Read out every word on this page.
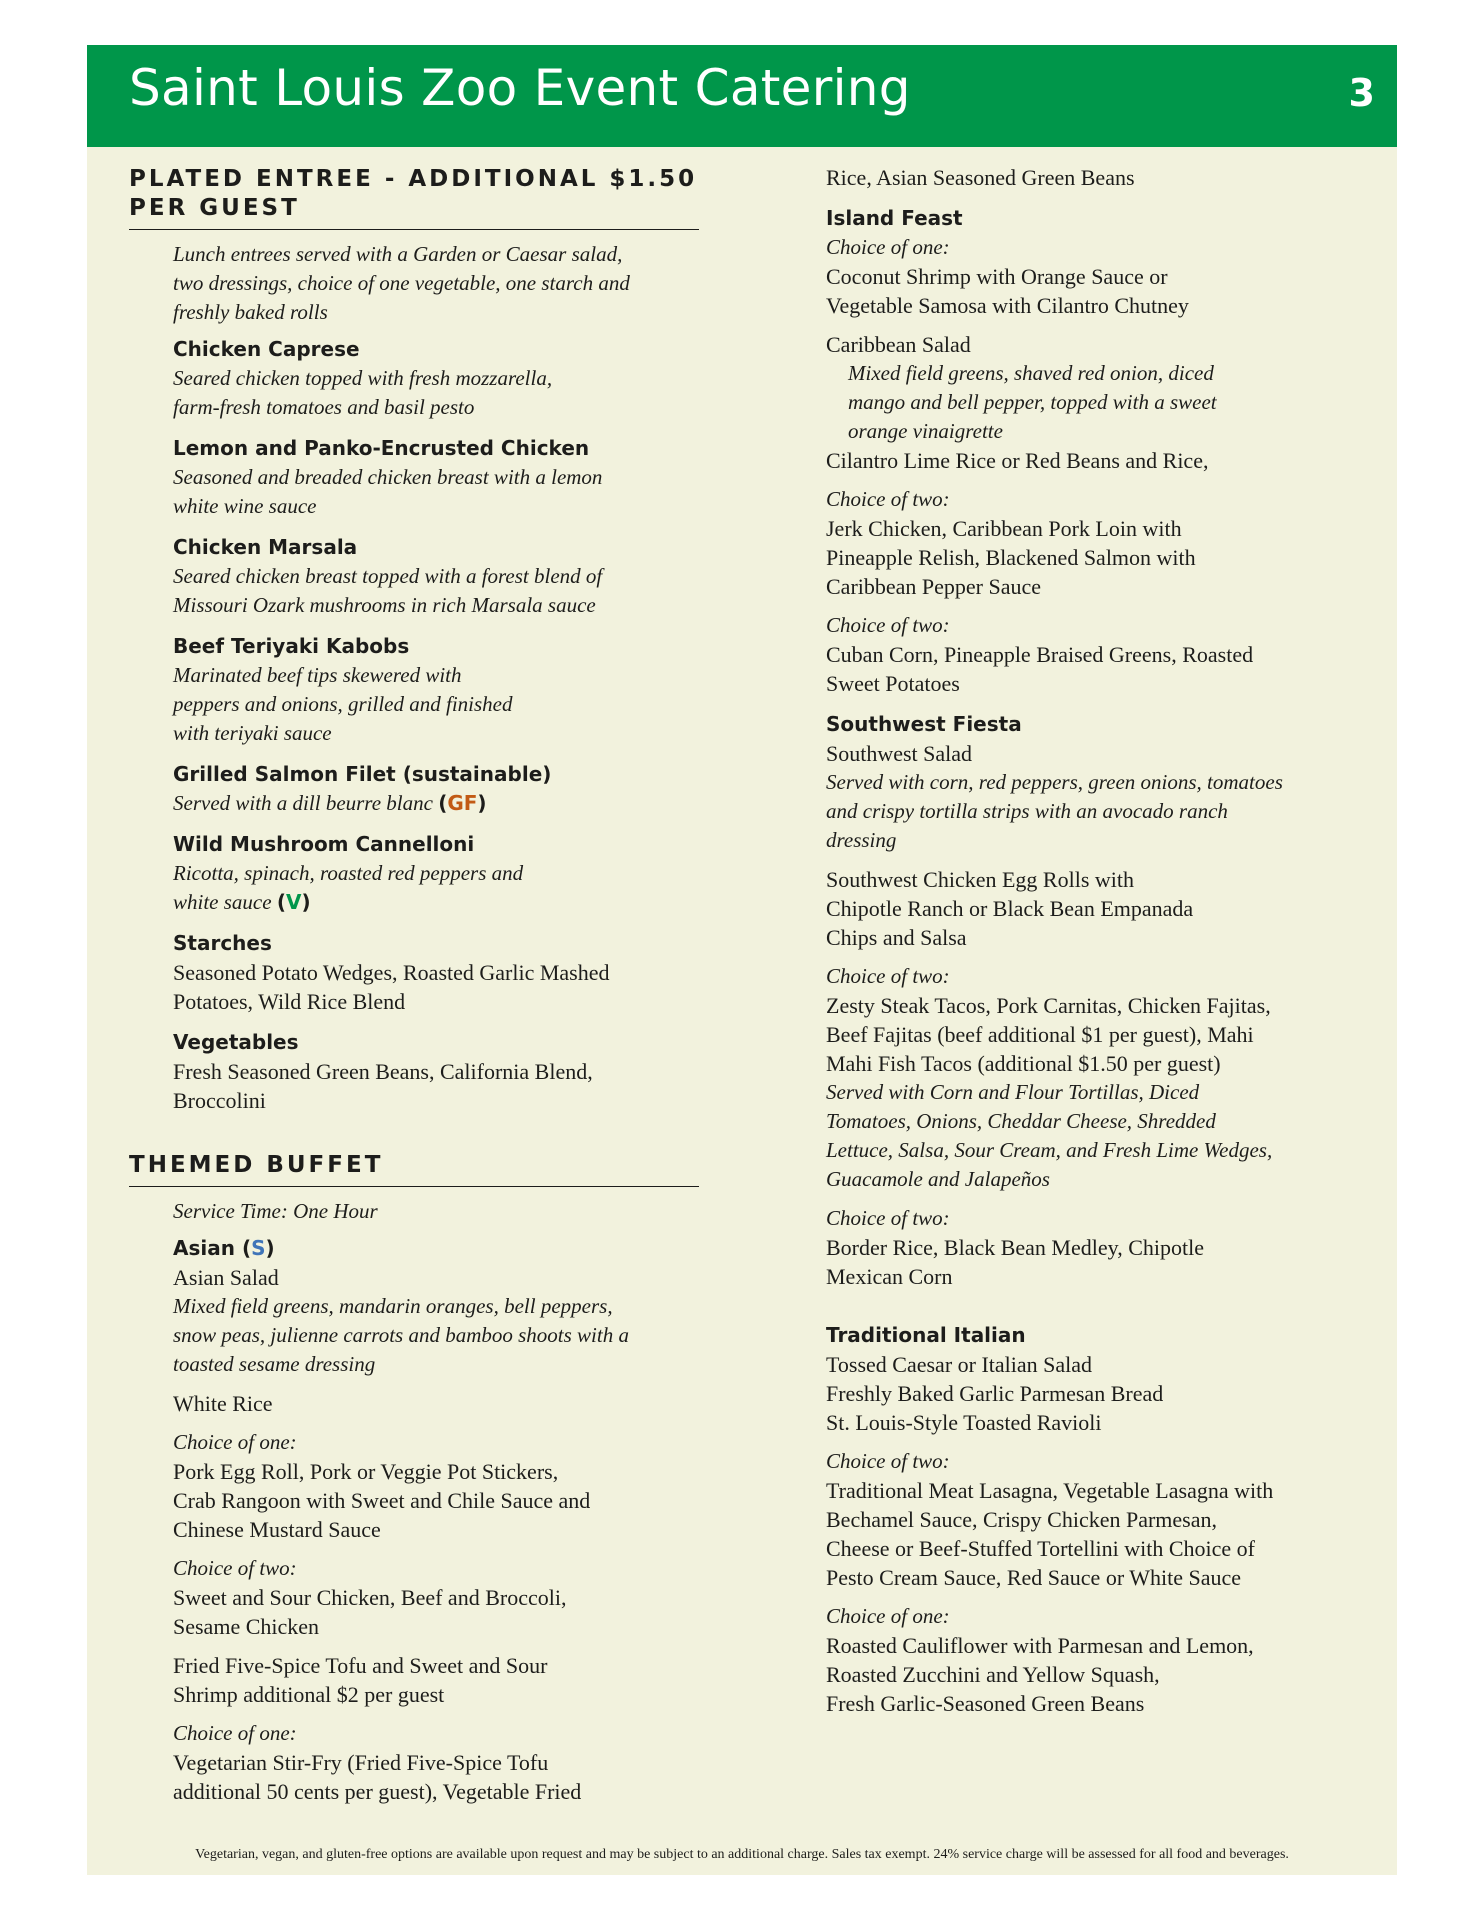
Saint Louis Zoo Event Catering	3
PLATED ENTREE - ADDITIONAL $1.50
PER GUEST
Lunch entrees served with a Garden or Caesar salad,
two dressings, choice of one vegetable, one starch and
freshly baked rolls
Chicken Caprese
Seared chicken topped with fresh mozzarella,
farm-fresh tomatoes and basil pesto
Lemon and Panko-Encrusted Chicken
Seasoned and breaded chicken breast with a lemon
white wine sauce
Chicken Marsala
Seared chicken breast topped with a forest blend of
Missouri Ozark mushrooms in rich Marsala sauce
Beef Teriyaki Kabobs
Marinated beef tips skewered with
peppers and onions, grilled and finished
with teriyaki sauce
Grilled Salmon Filet (sustainable)
Served with a dill beurre blanc (GF)
Wild Mushroom Cannelloni
Ricotta, spinach, roasted red peppers and
white sauce (V)
Starches
Seasoned Potato Wedges, Roasted Garlic Mashed
Potatoes, Wild Rice Blend
Vegetables
Fresh Seasoned Green Beans, California Blend,
Broccolini
THEMED BUFFET
Service Time: One Hour
Asian (S)
Asian Salad
Mixed field greens, mandarin oranges, bell peppers,
snow peas, julienne carrots and bamboo shoots with a
toasted sesame dressing
White Rice
Choice of one:
Pork Egg Roll, Pork or Veggie Pot Stickers,
Crab Rangoon with Sweet and Chile Sauce and
Chinese Mustard Sauce
Choice of two:
Sweet and Sour Chicken, Beef and Broccoli,
Sesame Chicken
Fried Five-Spice Tofu and Sweet and Sour
Shrimp additional $2 per guest
Choice of one:
Vegetarian Stir-Fry (Fried Five-Spice Tofu
additional 50 cents per guest), Vegetable Fried
Rice, Asian Seasoned Green Beans
Island Feast
Choice of one:
Coconut Shrimp with Orange Sauce or
Vegetable Samosa with Cilantro Chutney
Caribbean Salad
Mixed field greens, shaved red onion, diced
mango and bell pepper, topped with a sweet
orange vinaigrette
Cilantro Lime Rice or Red Beans and Rice,
Choice of two:
Jerk Chicken, Caribbean Pork Loin with
Pineapple Relish, Blackened Salmon with
Caribbean Pepper Sauce
Choice of two:
Cuban Corn, Pineapple Braised Greens, Roasted
Sweet Potatoes
Southwest Fiesta
Southwest Salad
Served with corn, red peppers, green onions, tomatoes
and crispy tortilla strips with an avocado ranch
dressing
Southwest Chicken Egg Rolls with
Chipotle Ranch or Black Bean Empanada
Chips and Salsa
Choice of two:
Zesty Steak Tacos, Pork Carnitas, Chicken Fajitas,
Beef Fajitas (beef additional $1 per guest), Mahi
Mahi Fish Tacos (additional $1.50 per guest)
Served with Corn and Flour Tortillas, Diced
Tomatoes, Onions, Cheddar Cheese, Shredded
Lettuce, Salsa, Sour Cream, and Fresh Lime Wedges,
Guacamole and Jalapeños
Choice of two:
Border Rice, Black Bean Medley, Chipotle
Mexican Corn
Traditional Italian
Tossed Caesar or Italian Salad
Freshly Baked Garlic Parmesan Bread
St. Louis-Style Toasted Ravioli
Choice of two:
Traditional Meat Lasagna, Vegetable Lasagna with
Bechamel Sauce, Crispy Chicken Parmesan,
Cheese or Beef-Stuffed Tortellini with Choice of
Pesto Cream Sauce, Red Sauce or White Sauce
Choice of one:
Roasted Cauliflower with Parmesan and Lemon,
Roasted Zucchini and Yellow Squash,
Fresh Garlic-Seasoned Green Beans
Vegetarian, vegan, and gluten-free options are available upon request and may be subject to an additional charge. Sales tax exempt. 24% service charge will be assessed for all food and beverages.
